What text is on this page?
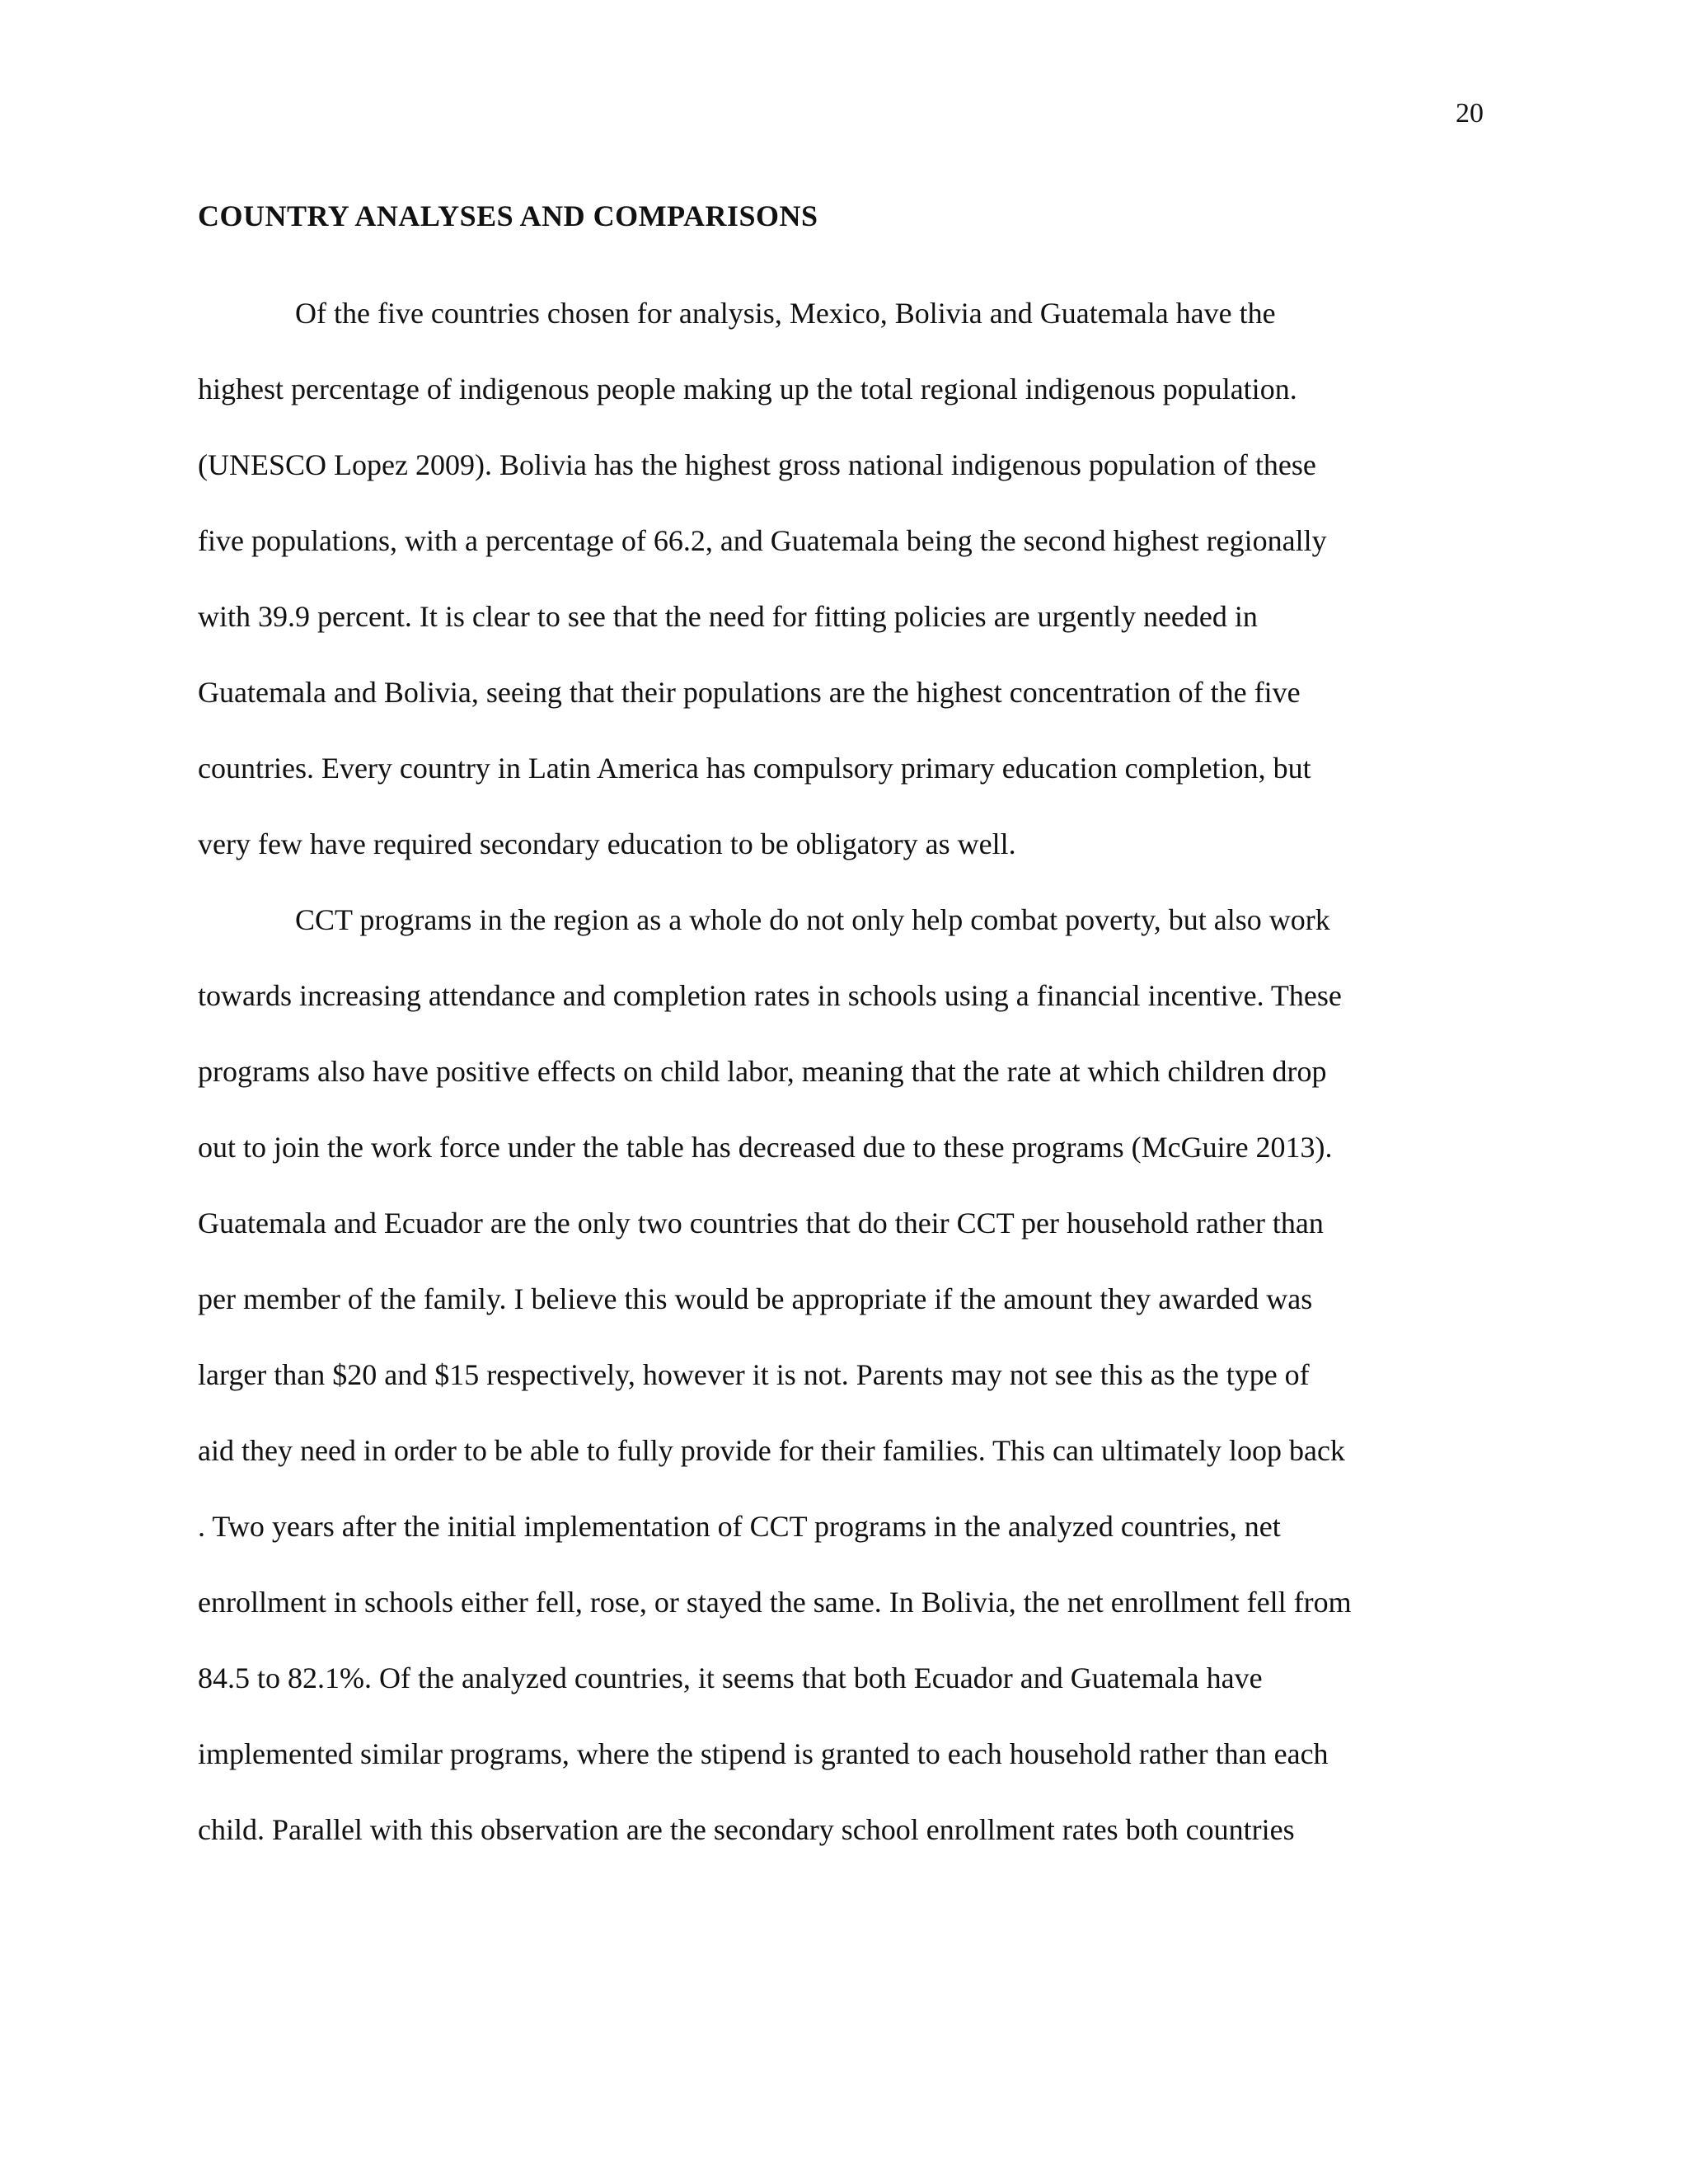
20
COUNTRY ANALYSES AND COMPARISONS
Of the five countries chosen for analysis, Mexico, Bolivia and Guatemala have the
highest percentage of indigenous people making up the total regional indigenous population.
(UNESCO Lopez 2009). Bolivia has the highest gross national indigenous population of these
five populations, with a percentage of 66.2, and Guatemala being the second highest regionally
with 39.9 percent. It is clear to see that the need for fitting policies are urgently needed in
Guatemala and Bolivia, seeing that their populations are the highest concentration of the five
countries. Every country in Latin America has compulsory primary education completion, but
very few have required secondary education to be obligatory as well.
CCT programs in the region as a whole do not only help combat poverty, but also work
towards increasing attendance and completion rates in schools using a financial incentive. These
programs also have positive effects on child labor, meaning that the rate at which children drop
out to join the work force under the table has decreased due to these programs (McGuire 2013).
Guatemala and Ecuador are the only two countries that do their CCT per household rather than
per member of the family. I believe this would be appropriate if the amount they awarded was
larger than $20 and $15 respectively, however it is not. Parents may not see this as the type of
aid they need in order to be able to fully provide for their families. This can ultimately loop back
. Two years after the initial implementation of CCT programs in the analyzed countries, net
enrollment in schools either fell, rose, or stayed the same. In Bolivia, the net enrollment fell from
84.5 to 82.1%. Of the analyzed countries, it seems that both Ecuador and Guatemala have
implemented similar programs, where the stipend is granted to each household rather than each
child. Parallel with this observation are the secondary school enrollment rates both countries
